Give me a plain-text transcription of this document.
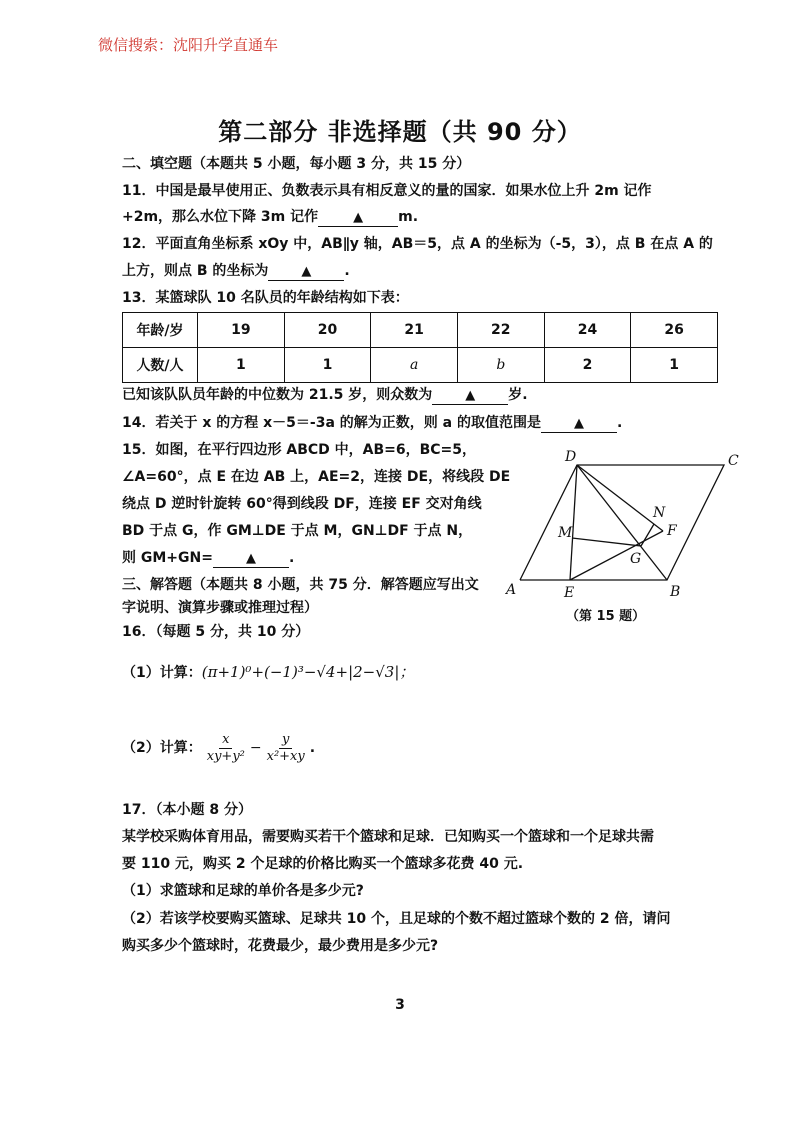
微信搜索：沈阳升学直通车
第二部分 非选择题（共 90 分）
二、填空题（本题共 5 小题，每小题 3 分，共 15 分）
11．中国是最早使用正、负数表示具有相反意义的量的国家．如果水位上升 2m 记作
+2m，那么水位下降 3m 记作	▲	m.
12．平面直角坐标系 xOy 中，AB∥y 轴，AB＝5，点 A 的坐标为（-5，3），点 B 在点 A 的
上方，则点 B 的坐标为	▲ .
13．某篮球队 10 名队员的年龄结构如下表：
年龄/岁	19	20	21	22	24	26
人数/人	1	1	a	b	2	1
已知该队队员年龄的中位数为 21.5 岁，则众数为	▲ 岁.
14．若关于 x 的方程 x－5＝-3a 的解为正数，则 a 的取值范围是	▲ .
15．如图，在平行四边形 ABCD 中，AB=6，BC=5，
∠A=60°，点 E 在边 AB 上，AE=2，连接 DE，将线段 DE
绕点 D 逆时针旋转 60°得到线段 DF，连接 EF 交对角线
BD 于点 G，作 GM⊥DE 于点 M，GN⊥DF 于点 N，
则 GM+GN=	▲ .
D	C
N
M	F
G
A	E	B
（第 15 题）
三、解答题（本题共 8 小题，共 75 分．解答题应写出文
字说明、演算步骤或推理过程）
16．（每题 5 分，共 10 分）
（1）计算：(π+1)⁰+(−1)³−√4+|2−√3|；
（2）计算： $\frac{x}{\text{xy+y²}} - \frac{y}{\text{x²+xy}}$ .
17．（本小题 8 分）
某学校采购体育用品，需要购买若干个篮球和足球．已知购买一个篮球和一个足球共需
要 110 元，购买 2 个足球的价格比购买一个篮球多花费 40 元.
（1）求篮球和足球的单价各是多少元?
（2）若该学校要购买篮球、足球共 10 个，且足球的个数不超过篮球个数的 2 倍，请问
购买多少个篮球时，花费最少，最少费用是多少元?
3
